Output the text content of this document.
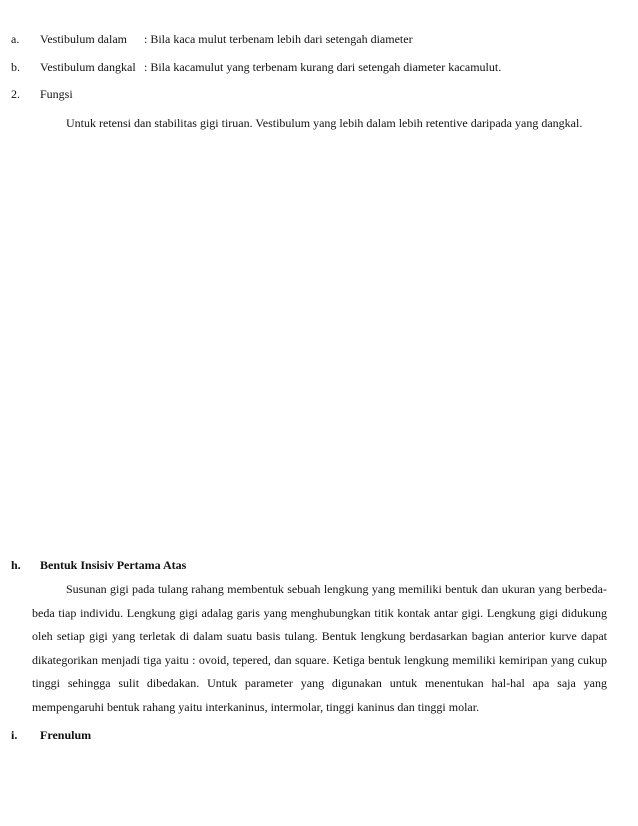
a. Vestibulum dalam : Bila kaca mulut terbenam lebih dari setengah diameter
b. Vestibulum dangkal : Bila kacamulut yang terbenam kurang dari setengah diameter kacamulut.
2. Fungsi
Untuk retensi dan stabilitas gigi tiruan. Vestibulum yang lebih dalam lebih retentive daripada yang dangkal.
h. Bentuk Insisiv Pertama Atas
Susunan gigi pada tulang rahang membentuk sebuah lengkung yang memiliki bentuk dan ukuran yang berbeda-beda tiap individu. Lengkung gigi adalag garis yang menghubungkan titik kontak antar gigi. Lengkung gigi didukung oleh setiap gigi yang terletak di dalam suatu basis tulang. Bentuk lengkung berdasarkan bagian anterior kurve dapat dikategorikan menjadi tiga yaitu : ovoid, tepered, dan square. Ketiga bentuk lengkung memiliki kemiripan yang cukup tinggi sehingga sulit dibedakan. Untuk parameter yang digunakan untuk menentukan hal-hal apa saja yang mempengaruhi bentuk rahang yaitu interkaninus, intermolar, tinggi kaninus dan tinggi molar.
i. Frenulum
